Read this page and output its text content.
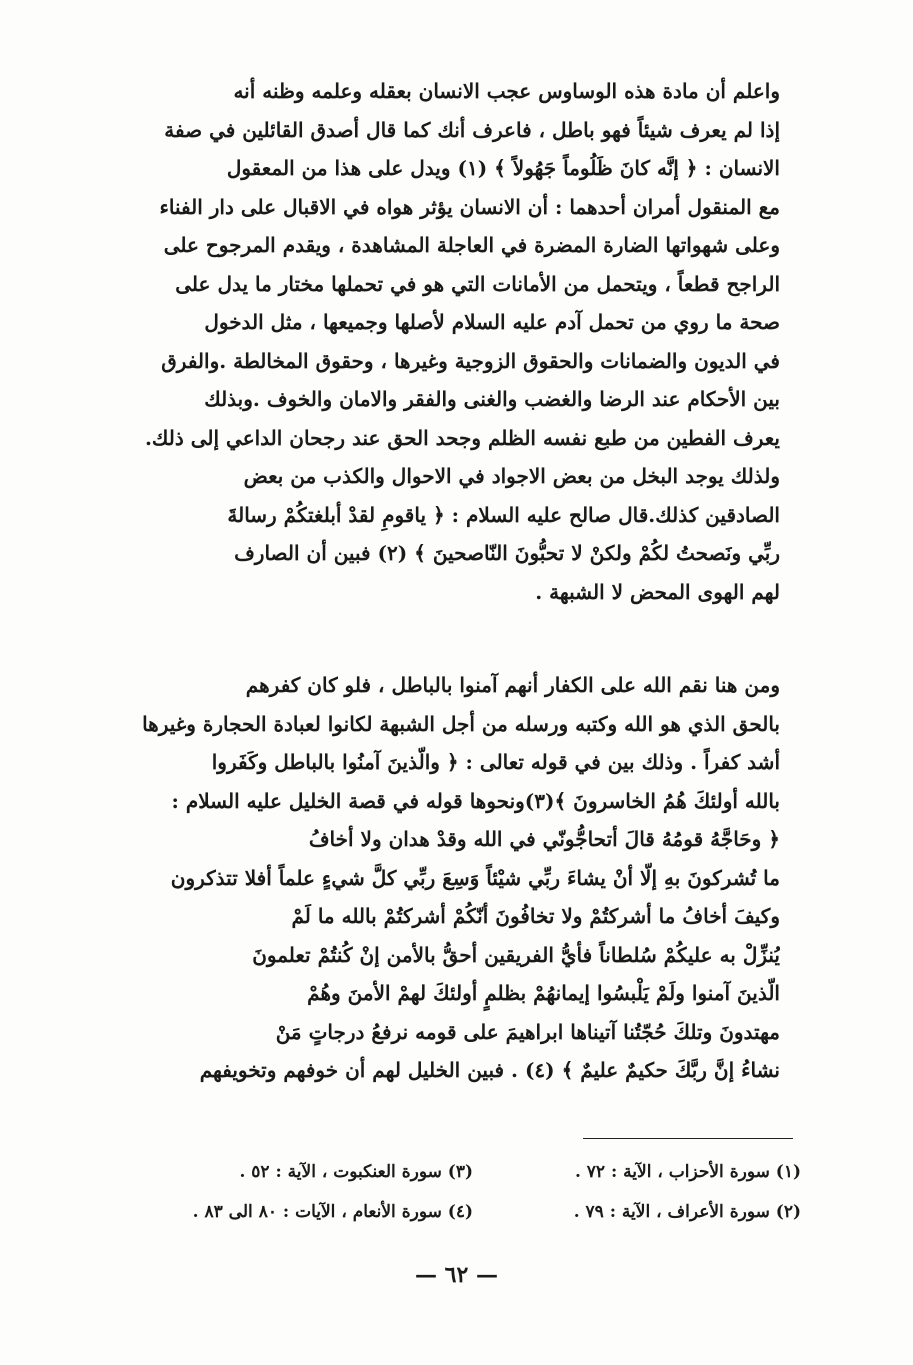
واعلم أن مادة هذه الوساوس عجب الانسان بعقله وعلمه وظنه أنه
إذا لم يعرف شيئاً فهو باطل ، فاعرف أنك كما قال أصدق القائلين في صفة
الانسان : ﴿ إنَّه كانَ ظَلُوماً جَهُولاً ﴾ (١) ويدل على هذا من المعقول
مع المنقول أمران أحدهما : أن الانسان يؤثر هواه في الاقبال على دار الفناء
وعلى شهواتها الضارة المضرة في العاجلة المشاهدة ، ويقدم المرجوح على
الراجح قطعاً ، ويتحمل من الأمانات التي هو في تحملها مختار ما يدل على
صحة ما روي من تحمل آدم عليه السلام لأصلها وجميعها ، مثل الدخول
في الديون والضمانات والحقوق الزوجية وغيرها ، وحقوق المخالطة .والفرق
بين الأحكام عند الرضا والغضب والغنى والفقر والامان والخوف .وبذلك
يعرف الفطين من طبع نفسه الظلم وجحد الحق عند رجحان الداعي إلى ذلك.
ولذلك يوجد البخل من بعض الاجواد في الاحوال والكذب من بعض
الصادقين كذلك.قال صالح عليه السلام : ﴿ ياقومِ لقدْ أبلغتكُمْ رسالةَ
ربِّي ونَصحتُ لكُمْ ولكنْ لا تحبُّونَ النّاصحينَ ﴾ (٢) فبين أن الصارف
لهم الهوى المحض لا الشبهة .
ومن هنا نقم الله على الكفار أنهم آمنوا بالباطل ، فلو كان كفرهم
بالحق الذي هو الله وكتبه ورسله من أجل الشبهة لكانوا لعبادة الحجارة وغيرها
أشد كفراً . وذلك بين في قوله تعالى : ﴿ والّذينَ آمنُوا بالباطل وكَفَروا
بالله أولئكَ هُمُ الخاسرونَ ﴾(٣)ونحوها قوله في قصة الخليل عليه السلام :
﴿ وحَاجَّهُ قومُهُ قالَ أتحاجُّونّي في الله وقدْ هدان ولا أخافُ
ما تُشركونَ بهِ إلّا أنْ يشاءَ ربِّي شيْئاً وَسِعَ ربِّي كلَّ شيءٍ علماً أفلا تتذكرون
وكيفَ أخافُ ما أشركتُمْ ولا تخافُونَ أنّكُمْ أشركتُمْ بالله ما لَمْ
يُنزِّلْ به عليكُمْ سُلطاناً فأيُّ الفريقين أحقُّ بالأمن إنْ كُنتُمْ تعلمونَ
الّذينَ آمنوا ولَمْ يَلْبسُوا إيمانهُمْ بظلمٍ أولئكَ لهمْ الأمنَ وهُمْ
مهتدونَ وتلكَ حُجّتُنا آتيناها ابراهيمَ على قومه نرفعُ درجاتٍ مَنْ
نشاءُ إنَّ ربَّكَ حكيمٌ عليمٌ ﴾ (٤) . فبين الخليل لهم أن خوفهم وتخويفهم
(١) سورة الأحزاب ، الآية : ٧٢ .
(٢) سورة الأعراف ، الآية : ٧٩ .
(٣) سورة العنكبوت ، الآية : ٥٢ .
(٤) سورة الأنعام ، الآيات : ٨٠ الى ٨٣ .
— ٦٢ —
